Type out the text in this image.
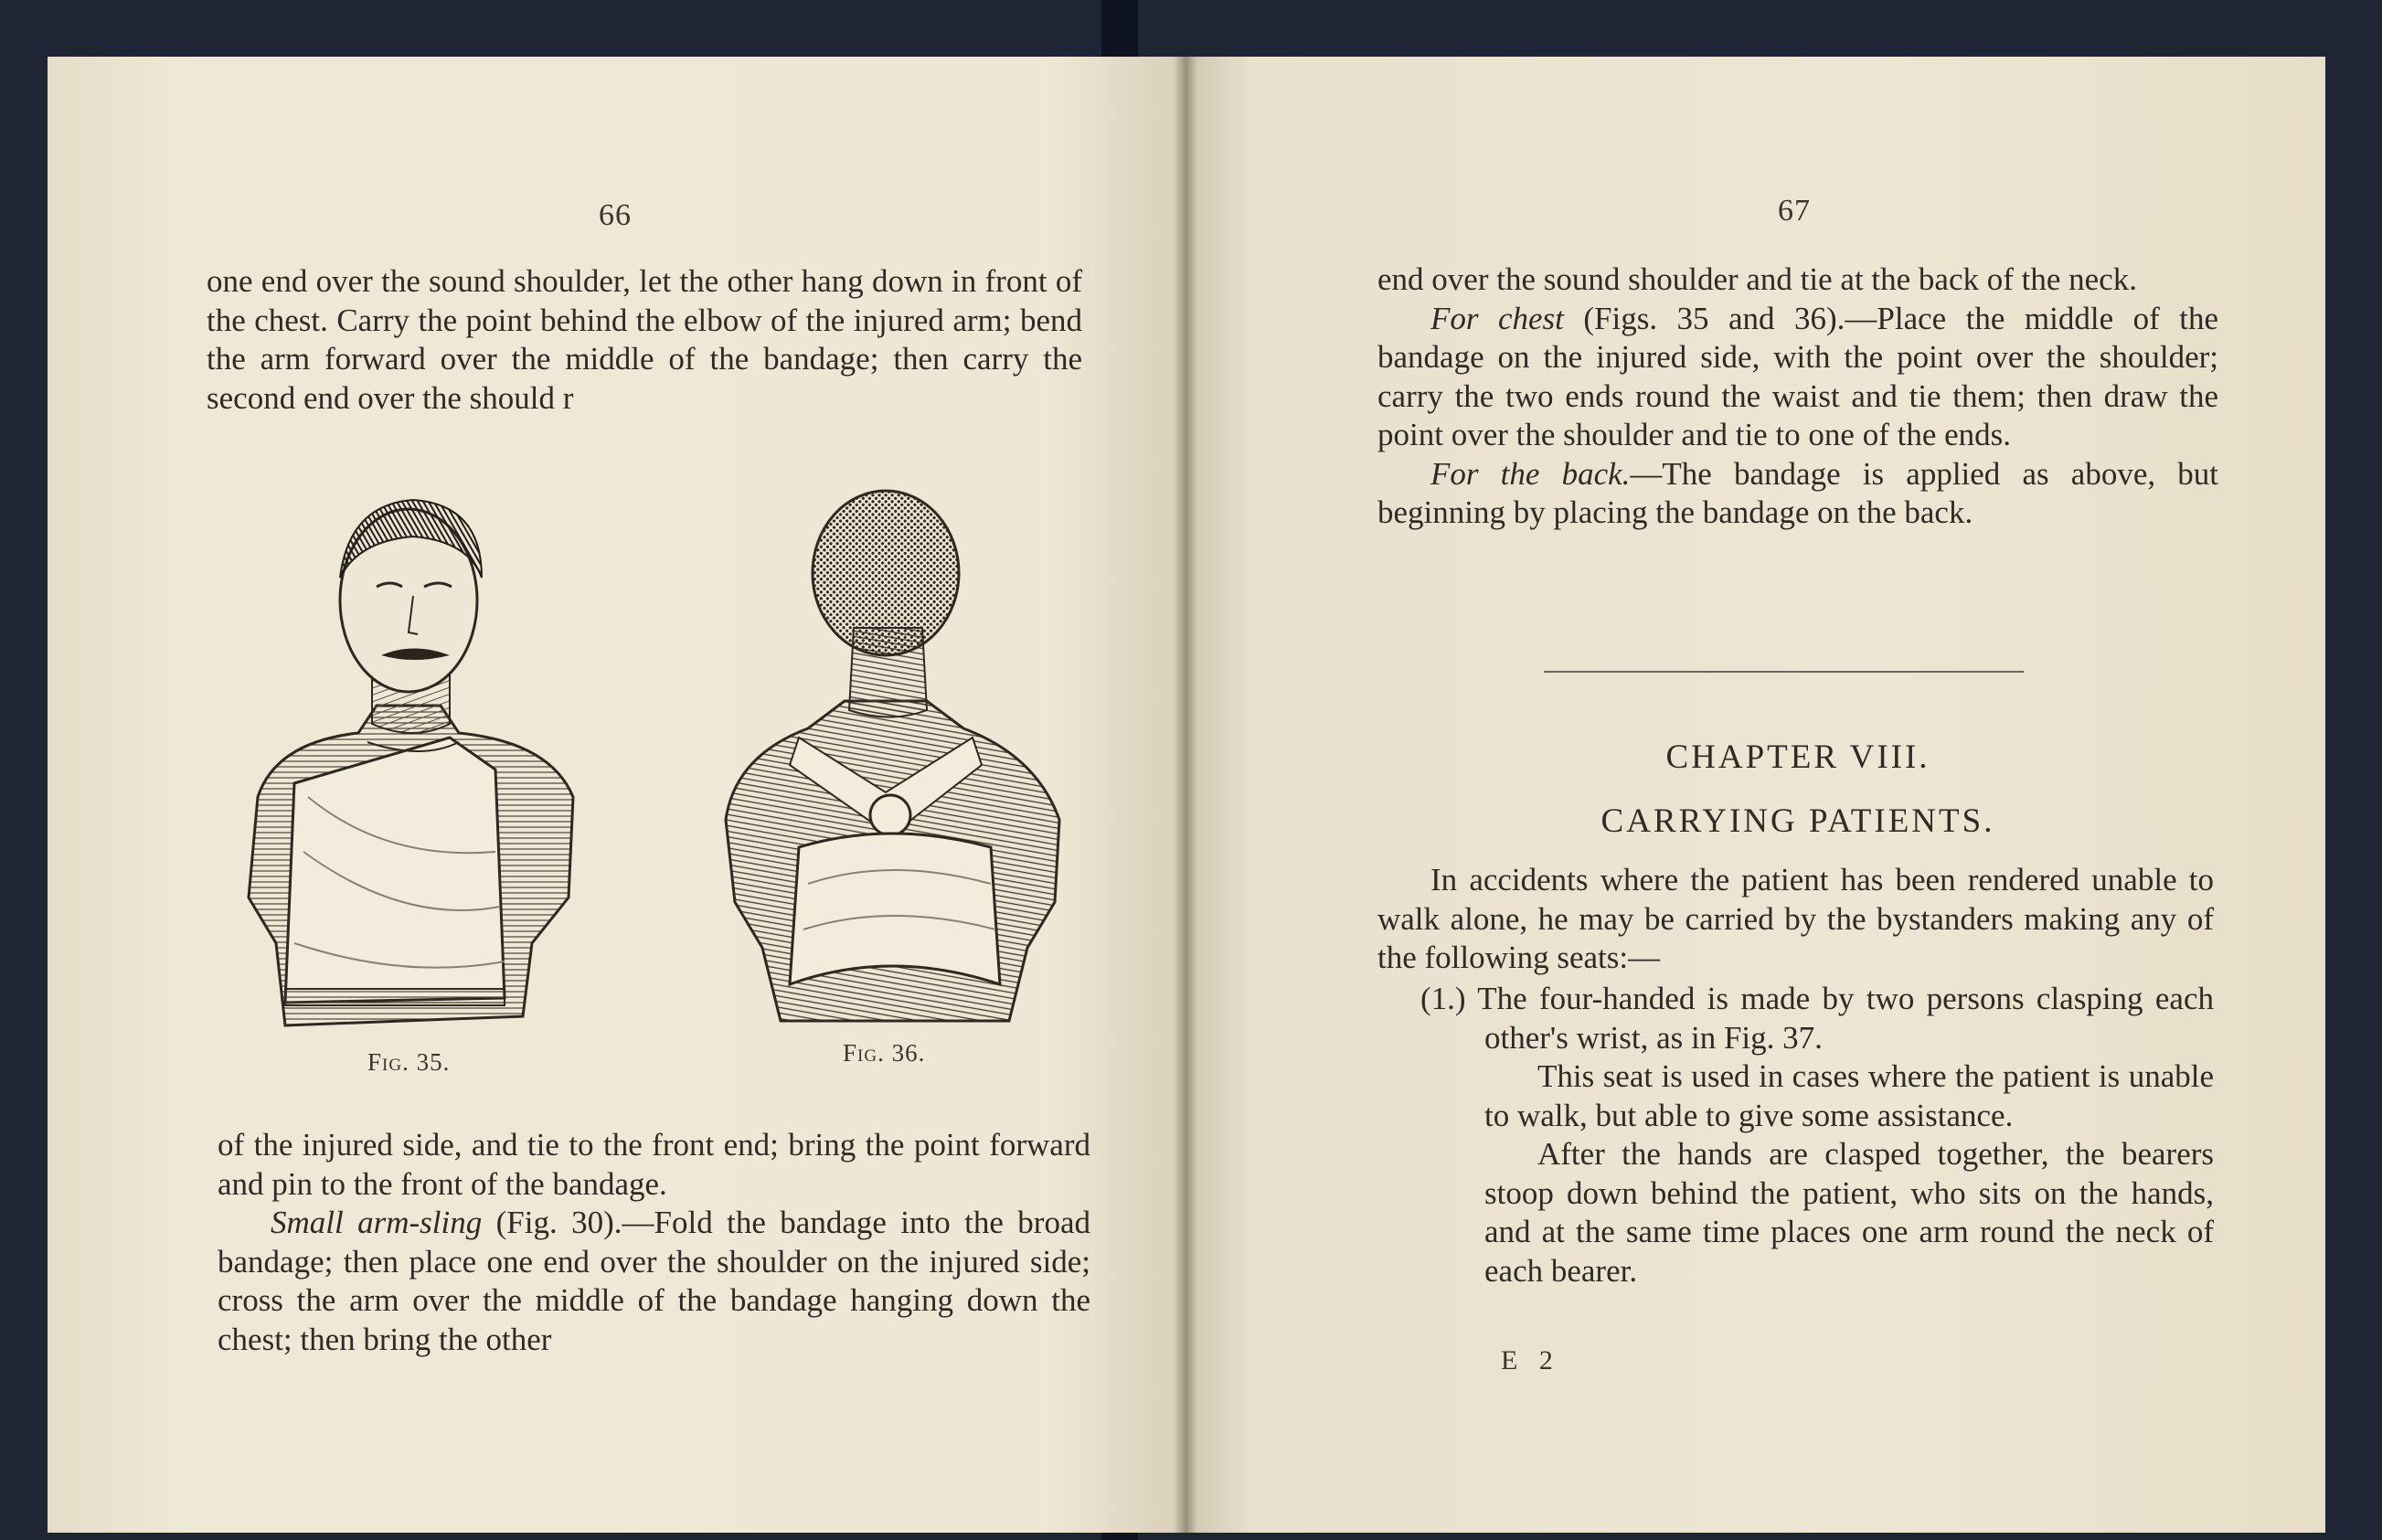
66

one end over the sound shoulder, let the other hang down in front of the chest. Carry the point behind the elbow of the injured arm; bend the arm forward over the middle of the bandage; then carry the second end over the should r

Fig. 35.	Fig. 36.

of the injured side, and tie to the front end; bring the point forward and pin to the front of the bandage.

Small arm-sling (Fig. 30).—Fold the bandage into the broad bandage; then place one end over the shoulder on the injured side; cross the arm over the middle of the bandage hanging down the chest; then bring the other

67

end over the sound shoulder and tie at the back of the neck.

For chest (Figs. 35 and 36).—Place the middle of the bandage on the injured side, with the point over the shoulder; carry the two ends round the waist and tie them; then draw the point over the shoulder and tie to one of the ends.

For the back.—The bandage is applied as above, but beginning by placing the bandage on the back.

CHAPTER VIII.
CARRYING PATIENTS.

In accidents where the patient has been rendered unable to walk alone, he may be carried by the bystanders making any of the following seats:—

(1.) The four-handed is made by two persons clasping each other's wrist, as in Fig. 37.

This seat is used in cases where the patient is unable to walk, but able to give some assistance.

After the hands are clasped together, the bearers stoop down behind the patient, who sits on the hands, and at the same time places one arm round the neck of each bearer.

E 2
